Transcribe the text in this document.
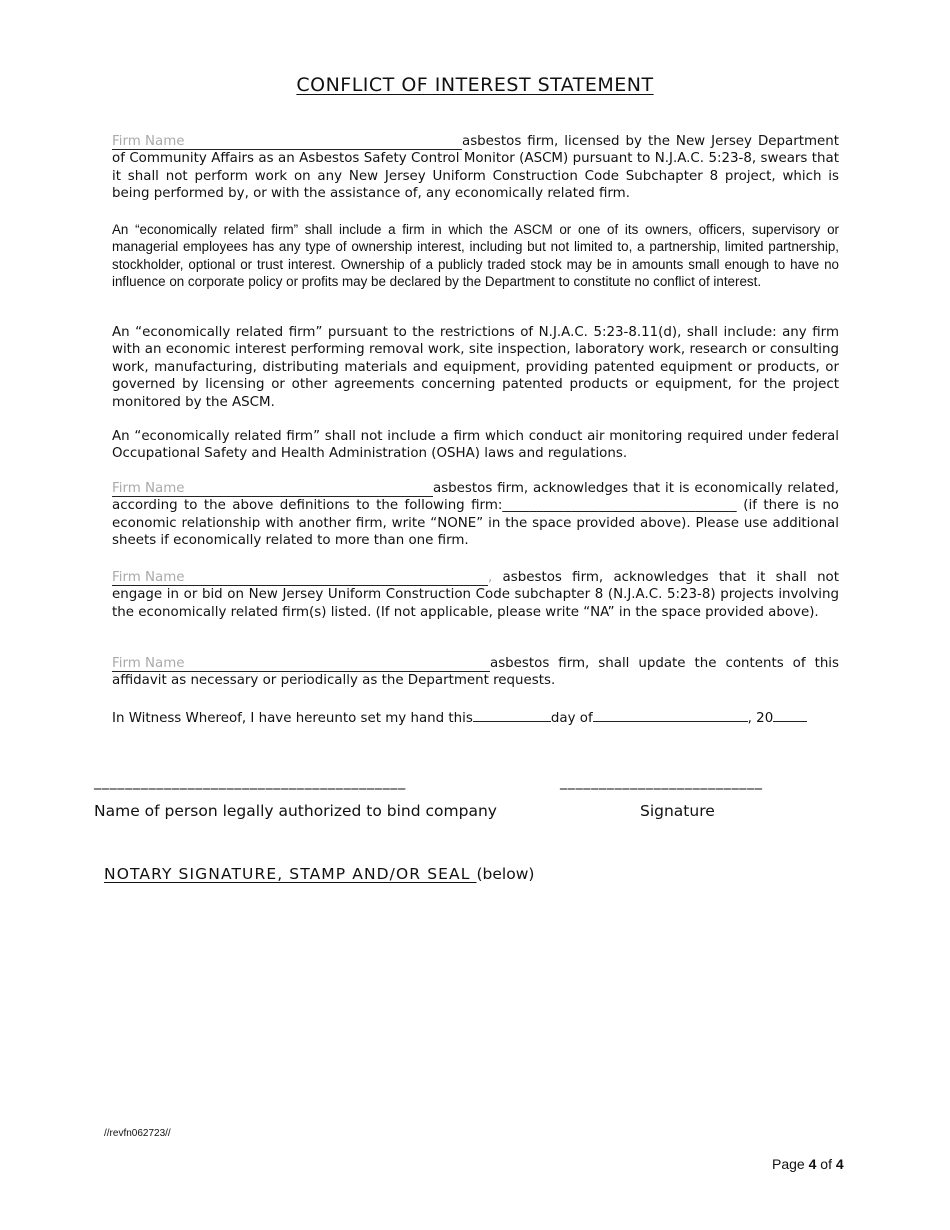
CONFLICT OF INTEREST STATEMENT

Firm Name	asbestos firm, licensed by the New Jersey Department of Community Affairs as an Asbestos Safety Control Monitor (ASCM) pursuant to N.J.A.C. 5:23-8, swears that it shall not perform work on any New Jersey Uniform Construction Code Subchapter 8 project, which is being performed by, or with the assistance of, any economically related firm.

An “economically related firm” shall include a firm in which the ASCM or one of its owners, officers, supervisory or managerial employees has any type of ownership interest, including but not limited to, a partnership, limited partnership, stockholder, optional or trust interest. Ownership of a publicly traded stock may be in amounts small enough to have no influence on corporate policy or profits may be declared by the Department to constitute no conflict of interest.

An “economically related firm” pursuant to the restrictions of N.J.A.C. 5:23-8.11(d), shall include: any firm with an economic interest performing removal work, site inspection, laboratory work, research or consulting work, manufacturing, distributing materials and equipment, providing patented equipment or products, or governed by licensing or other agreements concerning patented products or equipment, for the project monitored by the ASCM.

An “economically related firm” shall not include a firm which conduct air monitoring required under federal Occupational Safety and Health Administration (OSHA) laws and regulations.

Firm Name	asbestos firm, acknowledges that it is economically related, according to the above definitions to the following firm:__________________________________ (if there is no economic relationship with another firm, write “NONE” in the space provided above). Please use additional sheets if economically related to more than one firm.

Firm Name	, asbestos firm, acknowledges that it shall not engage in or bid on New Jersey Uniform Construction Code subchapter 8 (N.J.A.C. 5:23-8) projects involving the economically related firm(s) listed. (If not applicable, please write “NA” in the space provided above).

Firm Name	asbestos firm, shall update the contents of this affidavit as necessary or periodically as the Department requests.

In Witness Whereof, I have hereunto set my hand this	day of	, 20

________________________________________	__________________________
Name of person legally authorized to bind company	Signature
NOTARY SIGNATURE, STAMP AND/OR SEAL (below)
//revfn062723//
Page 4 of 4
